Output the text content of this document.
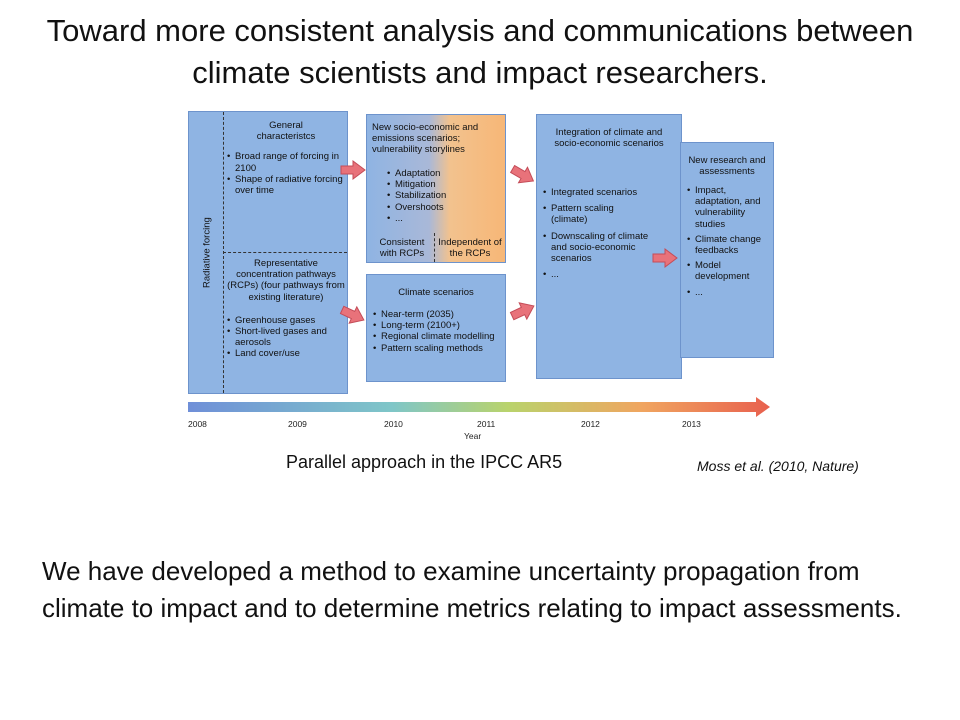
Toward more consistent analysis and communications between climate scientists and impact researchers.
Radiative forcing
General characteristcs
• Broad range of forcing in 2100
• Shape of radiative forcing over time
Representative concentration pathways (RCPs) (four pathways from existing literature)
• Greenhouse gases
• Short-lived gases and aerosols
• Land cover/use
New socio-economic and emissions scenarios; vulnerability storylines
• Adaptation
• Mitigation
• Stabilization
• Overshoots
• ...
Consistent with RCPs
Independent of the RCPs
Climate scenarios
• Near-term (2035)
• Long-term (2100+)
• Regional climate modelling
• Pattern scaling methods
Integration of climate and socio-economic scenarios
• Integrated scenarios
• Pattern scaling (climate)
• Downscaling of climate and socio-economic scenarios
• ...
New research and assessments
• Impact, adaptation, and vulnerability studies
• Climate change feedbacks
• Model development
• ...
2008	2009	2010	2011	2012	2013
Year
Parallel approach in the IPCC AR5	Moss et al. (2010, Nature)
We have developed a method to examine uncertainty propagation from climate to impact and to determine metrics relating to impact assessments.
